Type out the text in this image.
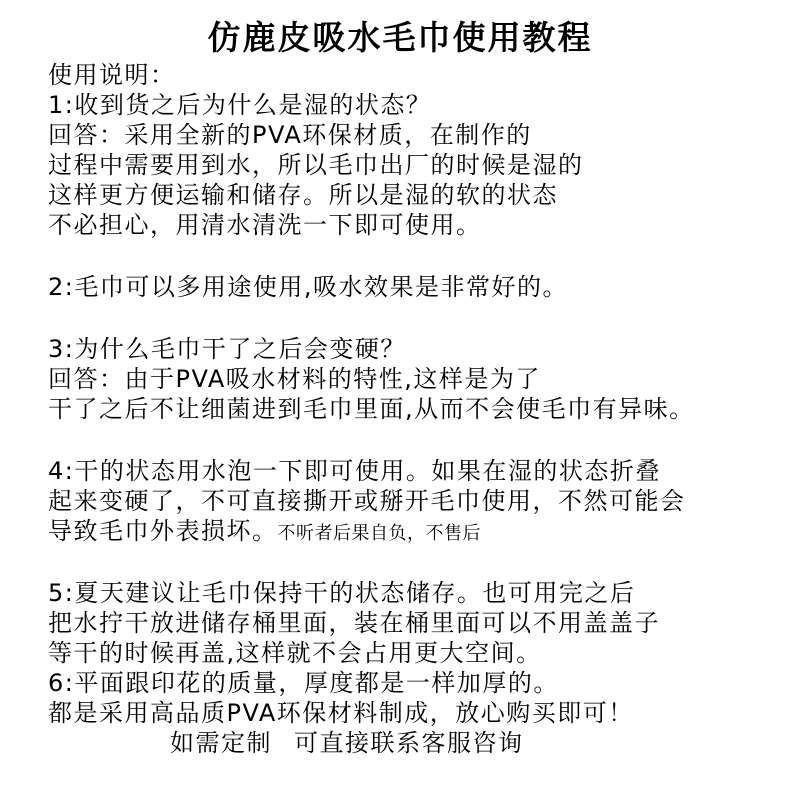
仿鹿皮吸水毛巾使用教程
使用说明：
1:收到货之后为什么是湿的状态？
回答：采用全新的PVA环保材质，在制作的
过程中需要用到水，所以毛巾出厂的时候是湿的
这样更方便运输和储存。所以是湿的软的状态
不必担心，用清水清洗一下即可使用。
2:毛巾可以多用途使用,吸水效果是非常好的。
3:为什么毛巾干了之后会变硬？
回答：由于PVA吸水材料的特性,这样是为了
干了之后不让细菌进到毛巾里面,从而不会使毛巾有异味。
4:干的状态用水泡一下即可使用。如果在湿的状态折叠
起来变硬了，不可直接撕开或掰开毛巾使用，不然可能会
导致毛巾外表损坏。不听者后果自负，不售后
5:夏天建议让毛巾保持干的状态储存。也可用完之后
把水拧干放进储存桶里面，装在桶里面可以不用盖盖子
等干的时候再盖,这样就不会占用更大空间。
6:平面跟印花的质量，厚度都是一样加厚的。
都是采用高品质PVA环保材料制成，放心购买即可！
如需定制 可直接联系客服咨询
